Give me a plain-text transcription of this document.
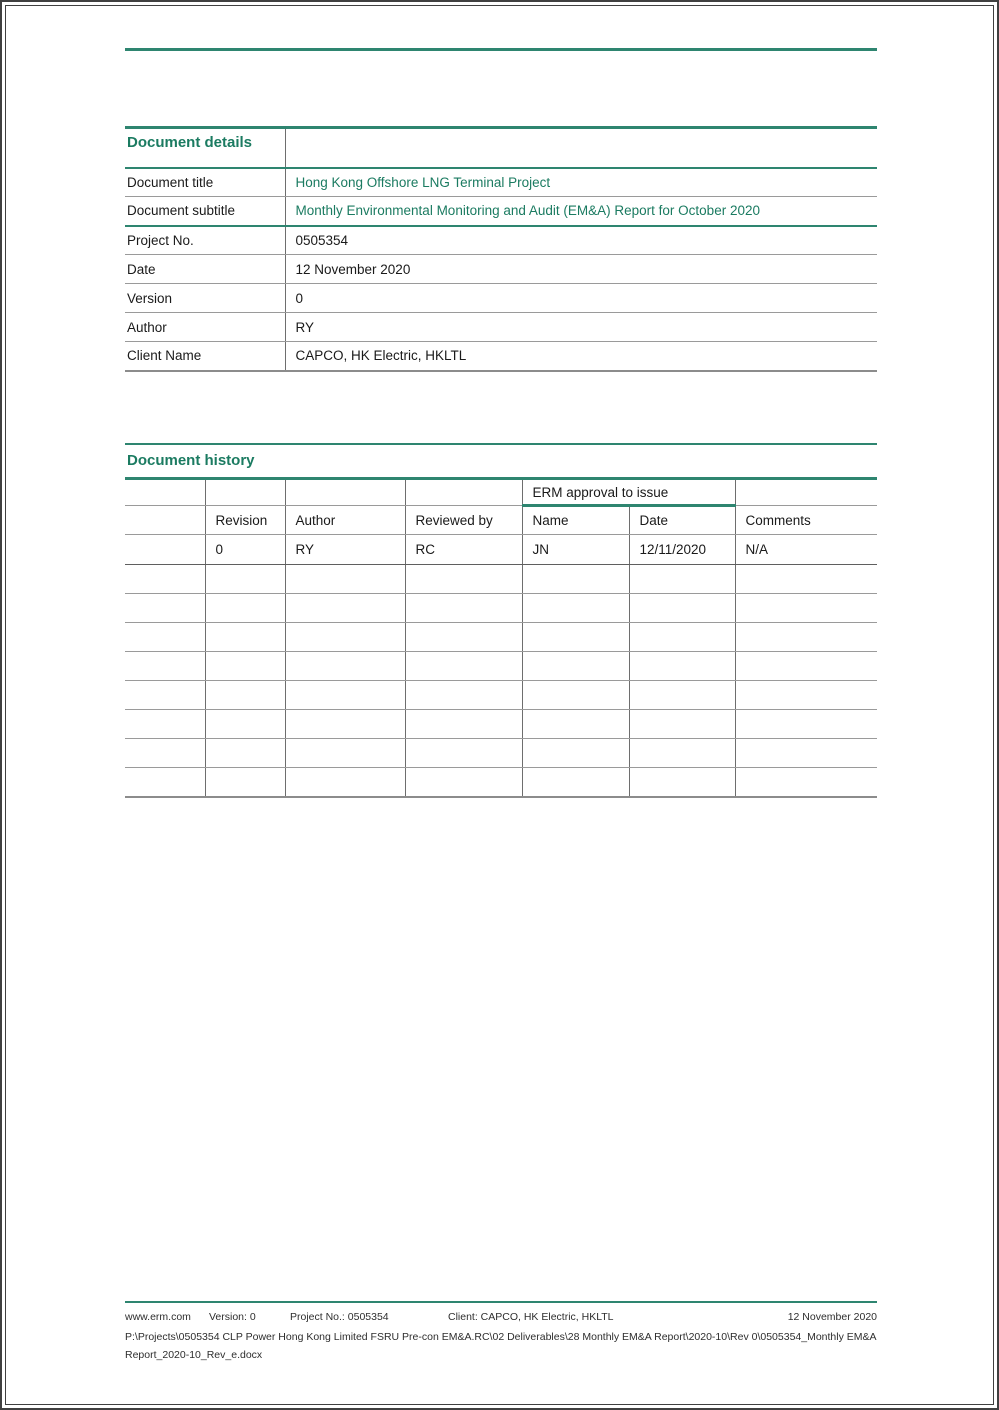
Document details	
Document title	Hong Kong Offshore LNG Terminal Project
Document subtitle	Monthly Environmental Monitoring and Audit (EM&A) Report for October 2020
Project No.	0505354
Date	12 November 2020
Version	0
Author	RY
Client Name	CAPCO, HK Electric, HKLTL
Document history
				ERM approval to issue		
	Revision	Author	Reviewed by	Name	Date	Comments
	0	RY	RC	JN	12/11/2020	N/A

www.erm.com Version: 0	Project No.: 0505354	Client: CAPCO, HK Electric, HKLTL	12 November 2020
P:\Projects\0505354 CLP Power Hong Kong Limited FSRU Pre-con EM&A.RC\02 Deliverables\28 Monthly EM&A Report\2020-10\Rev 0\0505354_Monthly EM&A
Report_2020-10_Rev_e.docx
